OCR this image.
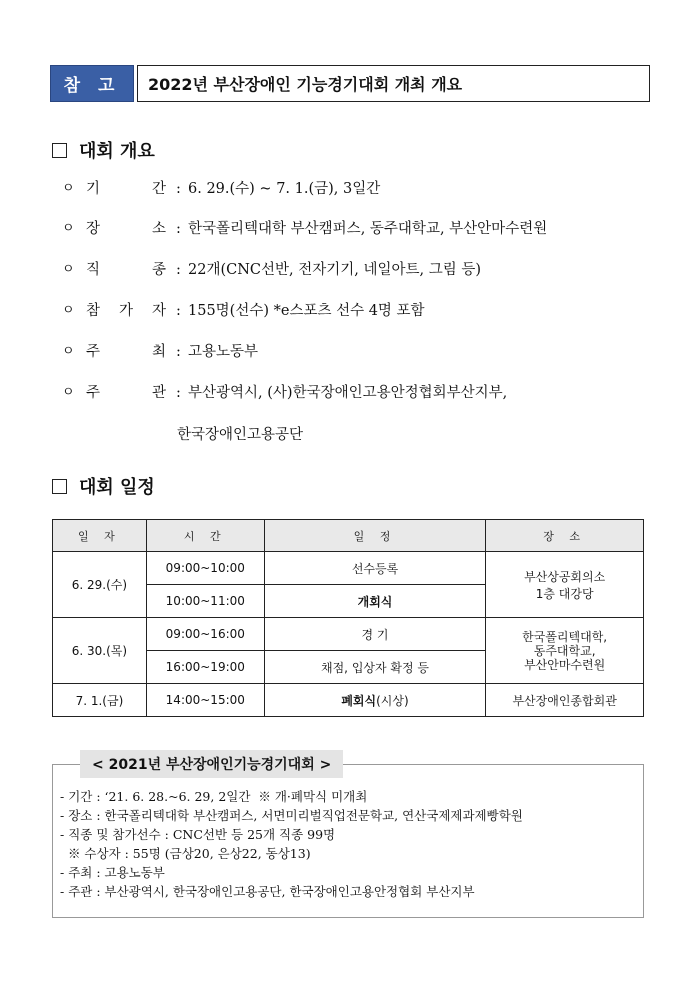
참 고	2022년 부산장애인 기능경기대회 개최 개요
대회 개요
ㅇ 기	간 : 6. 29.(수) ~ 7. 1.(금), 3일간
ㅇ 장	소 : 한국폴리텍대학 부산캠퍼스, 동주대학교, 부산안마수련원
ㅇ 직	종 : 22개(CNC선반, 전자기기, 네일아트, 그림 등)
ㅇ 참 가 자 : 155명(선수) *e스포츠 선수 4명 포함
ㅇ 주	최 : 고용노동부
ㅇ 주	관 : 부산광역시, (사)한국장애인고용안정협회부산지부,
한국장애인고용공단
대회 일정
일 자	시 간	일 정	장 소
6. 29.(수)	09:00~10:00	선수등록	부산상공회의소
1층 대강당

	10:00~11:00	개회식	
6. 30.(목)	09:00~16:00	경 기	한국폴리텍대학,
동주대학교,
부산안마수련원

	16:00~19:00	채점, 입상자 확정 등	
7. 1.(금)	14:00~15:00	폐회식(시상)	부산장애인종합회관
< 2021년 부산장애인기능경기대회 >
- 기간 : ‘21. 6. 28.~6. 29, 2일간  ※ 개·폐막식 미개최
- 장소 : 한국폴리텍대학 부산캠퍼스, 서면미리벌직업전문학교, 연산국제제과제빵학원
- 직종 및 참가선수 : CNC선반 등 25개 직종 99명
※ 수상자 : 55명 (금상20, 은상22, 동상13)
- 주최 : 고용노동부
- 주관 : 부산광역시, 한국장애인고용공단, 한국장애인고용안정협회 부산지부
